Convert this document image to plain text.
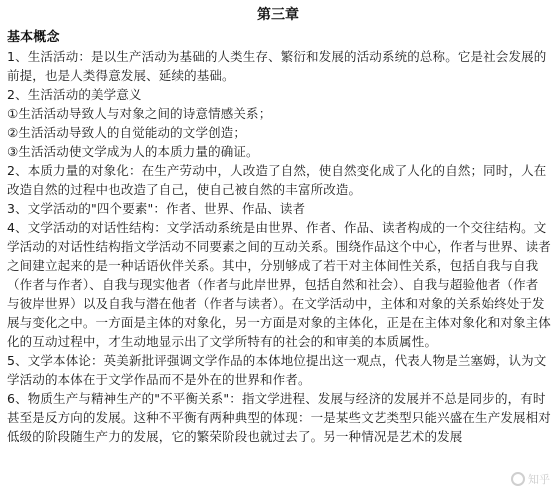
第三章

基本概念

1、生活活动：是以生产活动为基础的人类生存、繁衍和发展的活动系统的总称。它是社会发展的前提，也是人类得意发展、延续的基础。

2、生活活动的美学意义

①生活活动导致人与对象之间的诗意情感关系；

②生活活动导致人的自觉能动的文学创造；

③生活活动使文学成为人的本质力量的确证。

2、本质力量的对象化：在生产劳动中，人改造了自然，使自然变化成了人化的自然；同时，人在改造自然的过程中也改造了自己，使自己被自然的丰富所改造。

3、文学活动的"四个要素"：作者、世界、作品、读者

4、文学活动的对话性结构：文学活动系统是由世界、作者、作品、读者构成的一个交往结构。文学活动的对话性结构指文学活动不同要素之间的互动关系。围绕作品这个中心，作者与世界、读者之间建立起来的是一种话语伙伴关系。其中，分别够成了若干对主体间性关系，包括自我与自我（作者与作者）、自我与现实他者（作者与此岸世界，包括自然和社会）、自我与超验他者（作者与彼岸世界）以及自我与潜在他者（作者与读者）。在文学活动中，主体和对象的关系始终处于发展与变化之中。一方面是主体的对象化，另一方面是对象的主体化，正是在主体对象化和对象主体化的互动过程中，才生动地显示出了文学所特有的社会的和审美的本质属性。

5、文学本体论：英美新批评强调文学作品的本体地位提出这一观点，代表人物是兰塞姆，认为文学活动的本体在于文学作品而不是外在的世界和作者。

6、物质生产与精神生产的"不平衡关系"：指文学进程、发展与经济的发展并不总是同步的，有时甚至是反方向的发展。这种不平衡有两种典型的体现：一是某些文艺类型只能兴盛在生产发展相对低级的阶段随生产力的发展，它的繁荣阶段也就过去了。另一种情况是艺术的发展

知乎
